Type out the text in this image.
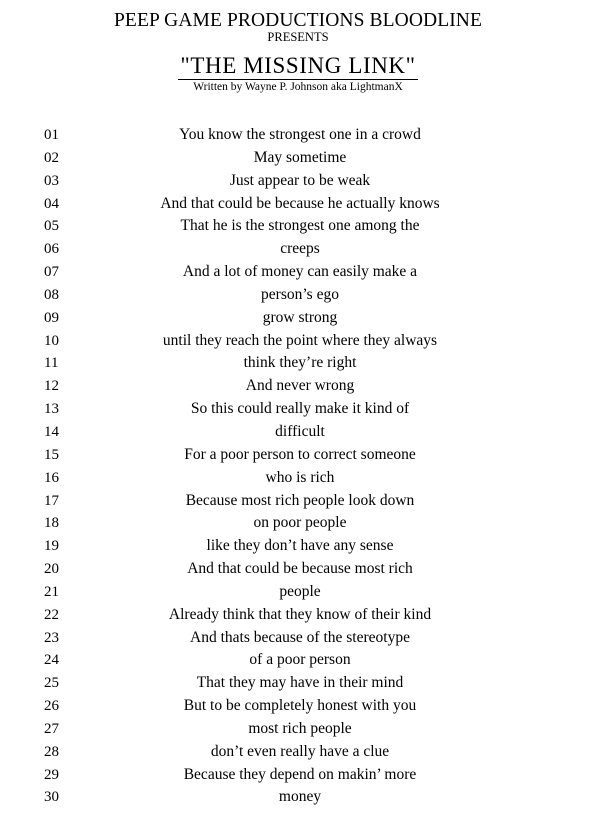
PEEP GAME PRODUCTIONS BLOODLINE
PRESENTS
"THE MISSING LINK"
Written by Wayne P. Johnson aka LightmanX
01	You know the strongest one in a crowd
02	May sometime
03	Just appear to be weak
04	And that could be because he actually knows
05	That he is the strongest one among the
06	creeps
07	And a lot of money can easily make a
08	person’s ego
09	grow strong
10	until they reach the point where they always
11	think they’re right
12	And never wrong
13	So this could really make it kind of
14	difficult
15	For a poor person to correct someone
16	who is rich
17	Because most rich people look down
18	on poor people
19	like they don’t have any sense
20	And that could be because most rich
21	people
22	Already think that they know of their kind
23	And thats because of the stereotype
24	of a poor person
25	That they may have in their mind
26	But to be completely honest with you
27	most rich people
28	don’t even really have a clue
29	Because they depend on makin’ more
30	money
